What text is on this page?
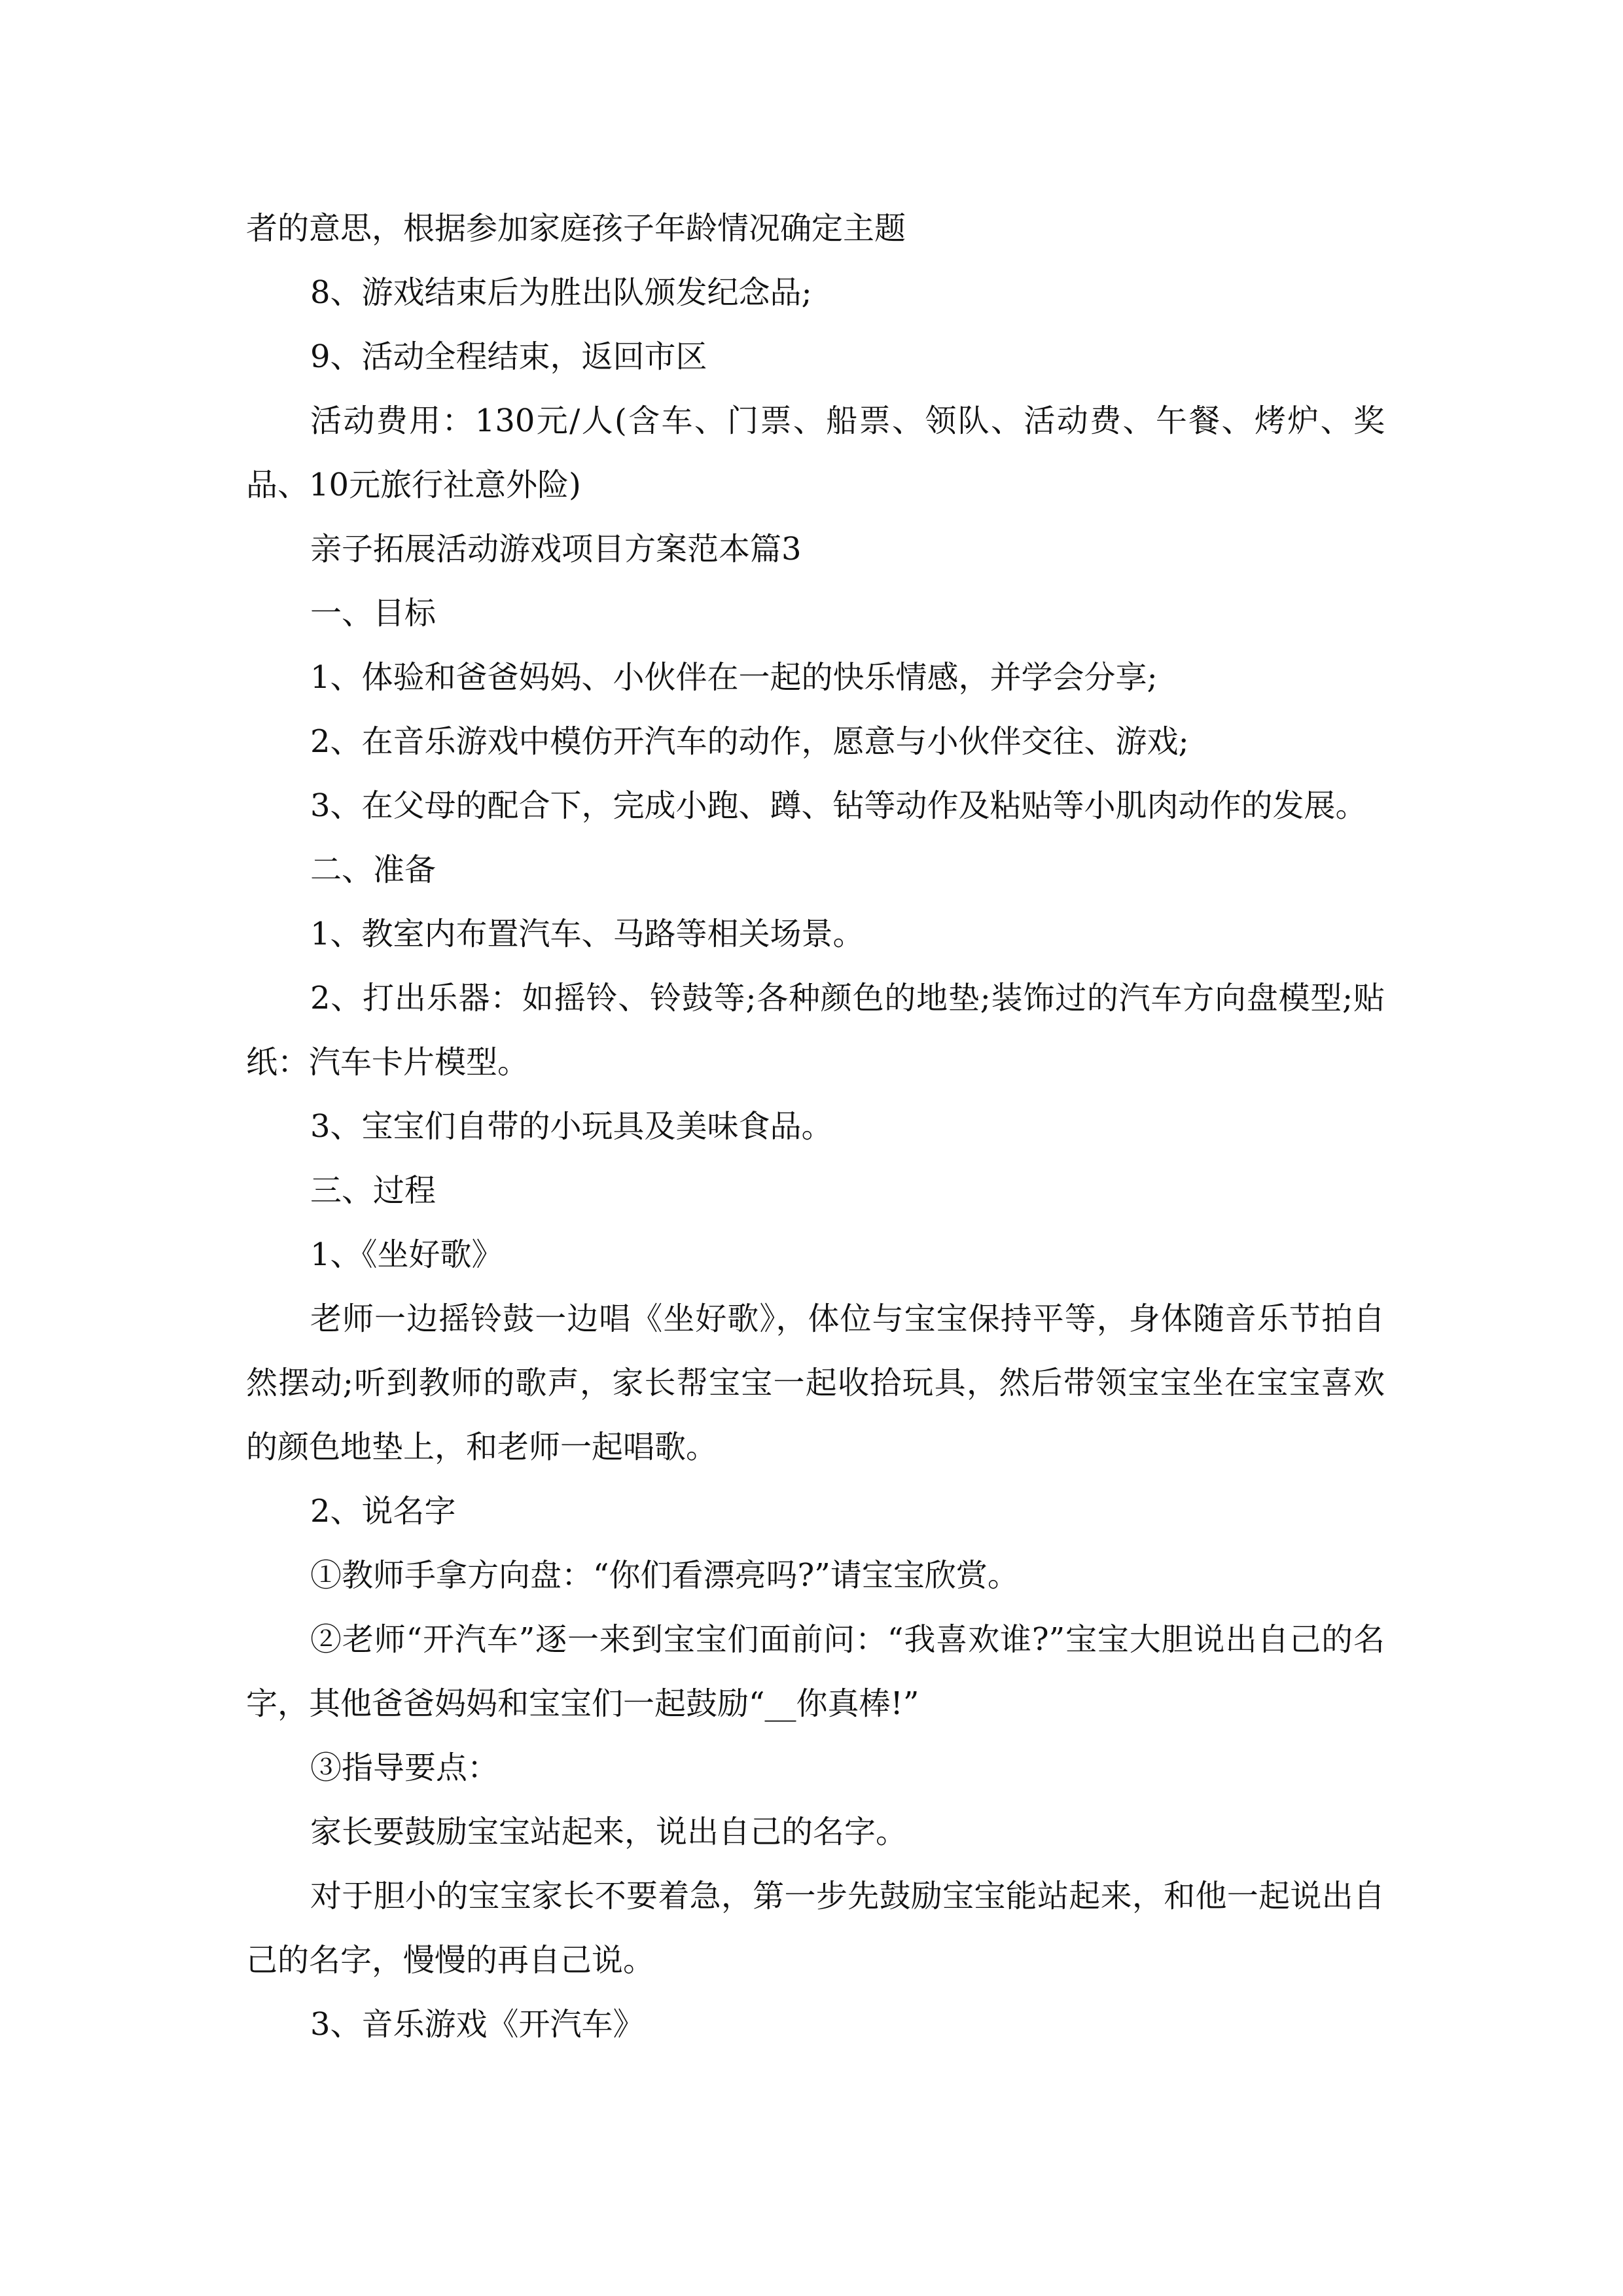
者的意思，根据参加家庭孩子年龄情况确定主题

8、游戏结束后为胜出队颁发纪念品;

9、活动全程结束，返回市区

活动费用：130元/人(含车、门票、船票、领队、活动费、午餐、烤炉、奖品、10元旅行社意外险)

亲子拓展活动游戏项目方案范本篇3

一、目标

1、体验和爸爸妈妈、小伙伴在一起的快乐情感，并学会分享;

2、在音乐游戏中模仿开汽车的动作，愿意与小伙伴交往、游戏;

3、在父母的配合下，完成小跑、蹲、钻等动作及粘贴等小肌肉动作的发展。

二、准备

1、教室内布置汽车、马路等相关场景。

2、打出乐器：如摇铃、铃鼓等;各种颜色的地垫;装饰过的汽车方向盘模型;贴纸：汽车卡片模型。

3、宝宝们自带的小玩具及美味食品。

三、过程

1、《坐好歌》

老师一边摇铃鼓一边唱《坐好歌》，体位与宝宝保持平等，身体随音乐节拍自然摆动;听到教师的歌声，家长帮宝宝一起收拾玩具，然后带领宝宝坐在宝宝喜欢的颜色地垫上，和老师一起唱歌。

2、说名字

①教师手拿方向盘：“你们看漂亮吗?”请宝宝欣赏。

②老师“开汽车”逐一来到宝宝们面前问：“我喜欢谁?”宝宝大胆说出自己的名字，其他爸爸妈妈和宝宝们一起鼓励“__你真棒!”

③指导要点：

家长要鼓励宝宝站起来，说出自己的名字。

对于胆小的宝宝家长不要着急，第一步先鼓励宝宝能站起来，和他一起说出自己的名字，慢慢的再自己说。

3、音乐游戏《开汽车》
